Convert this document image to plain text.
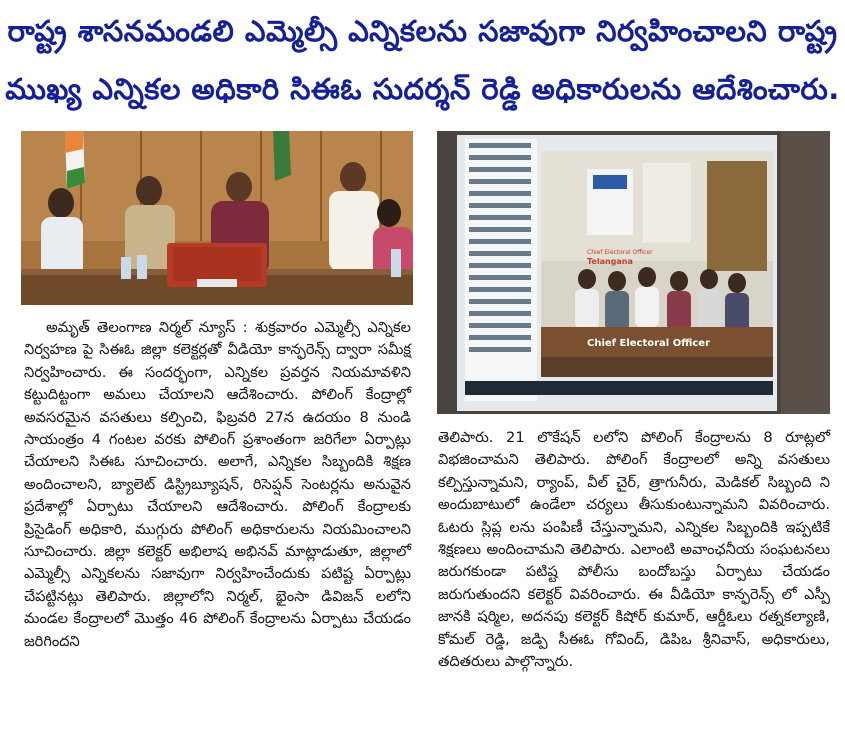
రాష్ట్ర శాసనమండలి ఎమ్మెల్సీ ఎన్నికలను సజావుగా నిర్వహించాలని రాష్ట్ర
ముఖ్య ఎన్నికల అధికారి సిఈఓ సుదర్శన్ రెడ్డి అధికారులను ఆదేశించారు.
Chief Electoral Officer
Chief Electoral Officer
Telangana

అమృత్ తెలంగాణ నిర్మల్ న్యూస్ : శుక్రవారం ఎమ్మెల్సీ ఎన్నికల నిర్వహణ పై సిఈఓ జిల్లా కలెక్టర్లతో వీడియో కాన్ఫరెన్స్ ద్వారా సమీక్ష నిర్వహించారు. ఈ సందర్భంగా, ఎన్నికల ప్రవర్తన నియమావళిని కట్టుదిట్టంగా అమలు చేయాలని ఆదేశించారు. పోలింగ్ కేంద్రాల్లో అవసరమైన వసతులు కల్పించి, ఫిబ్రవరి 27న ఉదయం 8 నుండి సాయంత్రం 4 గంటల వరకు పోలింగ్ ప్రశాంతంగా జరిగేలా ఏర్పాట్లు చేయాలని సిఈఓ సూచించారు. అలాగే, ఎన్నికల సిబ్బందికి శిక్షణ అందించాలని, బ్యాలెట్ డిస్ట్రిబ్యూషన్, రిసెప్షన్ సెంటర్లను అనువైన ప్రదేశాల్లో ఏర్పాటు చేయాలని ఆదేశించారు. పోలింగ్ కేంద్రాలకు ప్రిసైడింగ్ అధికారి, ముగ్గురు పోలింగ్ అధికారులను నియమించాలని సూచించారు. జిల్లా కలెక్టర్ అభిలాష అభినవ్ మాట్లాడుతూ, జిల్లాలో ఎమ్మెల్సీ ఎన్నికలను సజావుగా నిర్వహించేందుకు పటిష్ట ఏర్పాట్లు చేపట్టినట్లు తెలిపారు. జిల్లాలోని నిర్మల్, భైంసా డివిజన్ లలోని మండల కేంద్రాలలో మొత్తం 46 పోలింగ్ కేంద్రాలను ఏర్పాటు చేయడం జరిగిందని

తెలిపారు. 21 లొకేషన్ లలోని పోలింగ్ కేంద్రాలను 8 రూట్లలో విభజించామని తెలిపారు. పోలింగ్ కేంద్రాలలో అన్ని వసతులు కల్పిస్తున్నామని, ర్యాంప్, వీల్ చైర్, త్రాగునీరు, మెడికల్ సిబ్బంది ని అందుబాటులో ఉండేలా చర్యలు తీసుకుంటున్నామని వివరించారు. ఓటరు స్లిప్ల లను పంపిణీ చేస్తున్నామని, ఎన్నికల సిబ్బందికి ఇప్పటికే శిక్షణలు అందించామని తెలిపారు. ఎలాంటి అవాంఛనీయ సంఘటనలు జరుగకుండా పటిష్ట పోలీసు బందోబస్తు ఏర్పాటు చేయడం జరుగుతుందని కలెక్టర్ వివరించారు. ఈ వీడియో కాన్ఫరెన్స్ లో ఎస్పీ జానకి షర్మిల, అదనపు కలెక్టర్ కిషోర్ కుమార్, ఆర్డీఓలు రత్నకల్యాణి, కోమల్ రెడ్డి, జడ్పి సీఈఓ గోవింద్, డిపిఒ శ్రీనివాస్, అధికారులు, తదితరులు పాల్గొన్నారు.
